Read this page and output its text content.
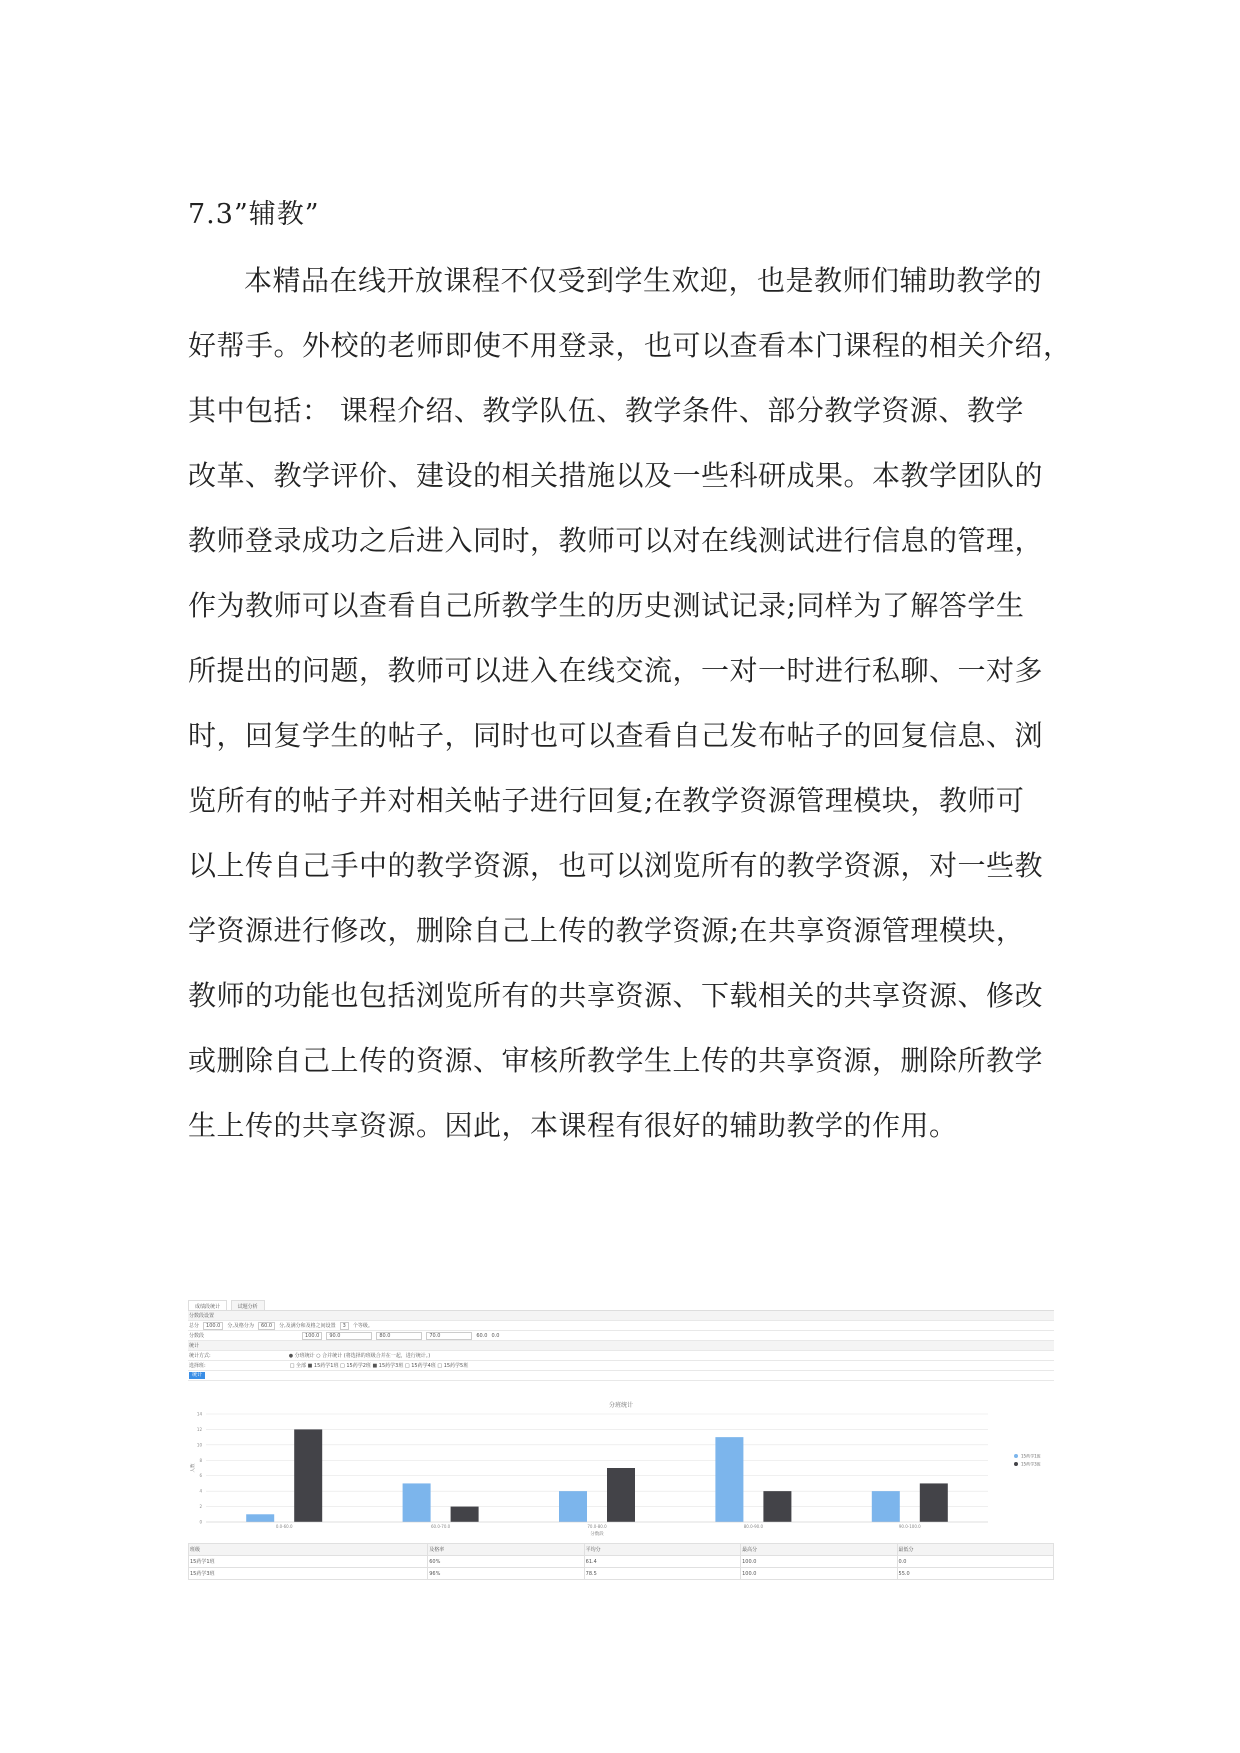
7.3”辅教”
本精品在线开放课程不仅受到学生欢迎，也是教师们辅助教学的
好帮手。外校的老师即使不用登录，也可以查看本门课程的相关介绍，
其中包括： 课程介绍、教学队伍、教学条件、部分教学资源、教学
改革、教学评价、建设的相关措施以及一些科研成果。本教学团队的
教师登录成功之后进入同时，教师可以对在线测试进行信息的管理，
作为教师可以查看自己所教学生的历史测试记录;同样为了解答学生
所提出的问题，教师可以进入在线交流，一对一时进行私聊、一对多
时，回复学生的帖子，同时也可以查看自己发布帖子的回复信息、浏
览所有的帖子并对相关帖子进行回复;在教学资源管理模块，教师可
以上传自己手中的教学资源，也可以浏览所有的教学资源，对一些教
学资源进行修改，删除自己上传的教学资源;在共享资源管理模块，
教师的功能也包括浏览所有的共享资源、下载相关的共享资源、修改
或删除自己上传的资源、审核所教学生上传的共享资源，删除所教学
生上传的共享资源。因此，本课程有很好的辅助教学的作用。
成绩段统计	试题分析
分数段设置
总分	100.0	分,及格分为	60.0	分,及满分和及格之间设置	3	个等级。
分数段	100.0	90.0	80.0	70.0	60.0 0.0
统计
统计方式:	● 分班统计 ○ 合并统计 (将选择的班级合并在一起，进行统计。)
选择班:	□ 全部 ■ 15药学1班 □ 15药学2班 ■ 15药学3班 □ 15药学4班 □ 15药学5班
统计
分班统计
0
2
4
6
8
10
12
14
人数
0.0-60.0	60.0-70.0	70.0-80.0	80.0-90.0	90.0-100.0
分数段
15药学1班
15药学3班
班级	及格率	平均分	最高分	最低分
15药学1班	60%	61.4	100.0	0.0
15药学3班	96%	78.5	100.0	55.0
